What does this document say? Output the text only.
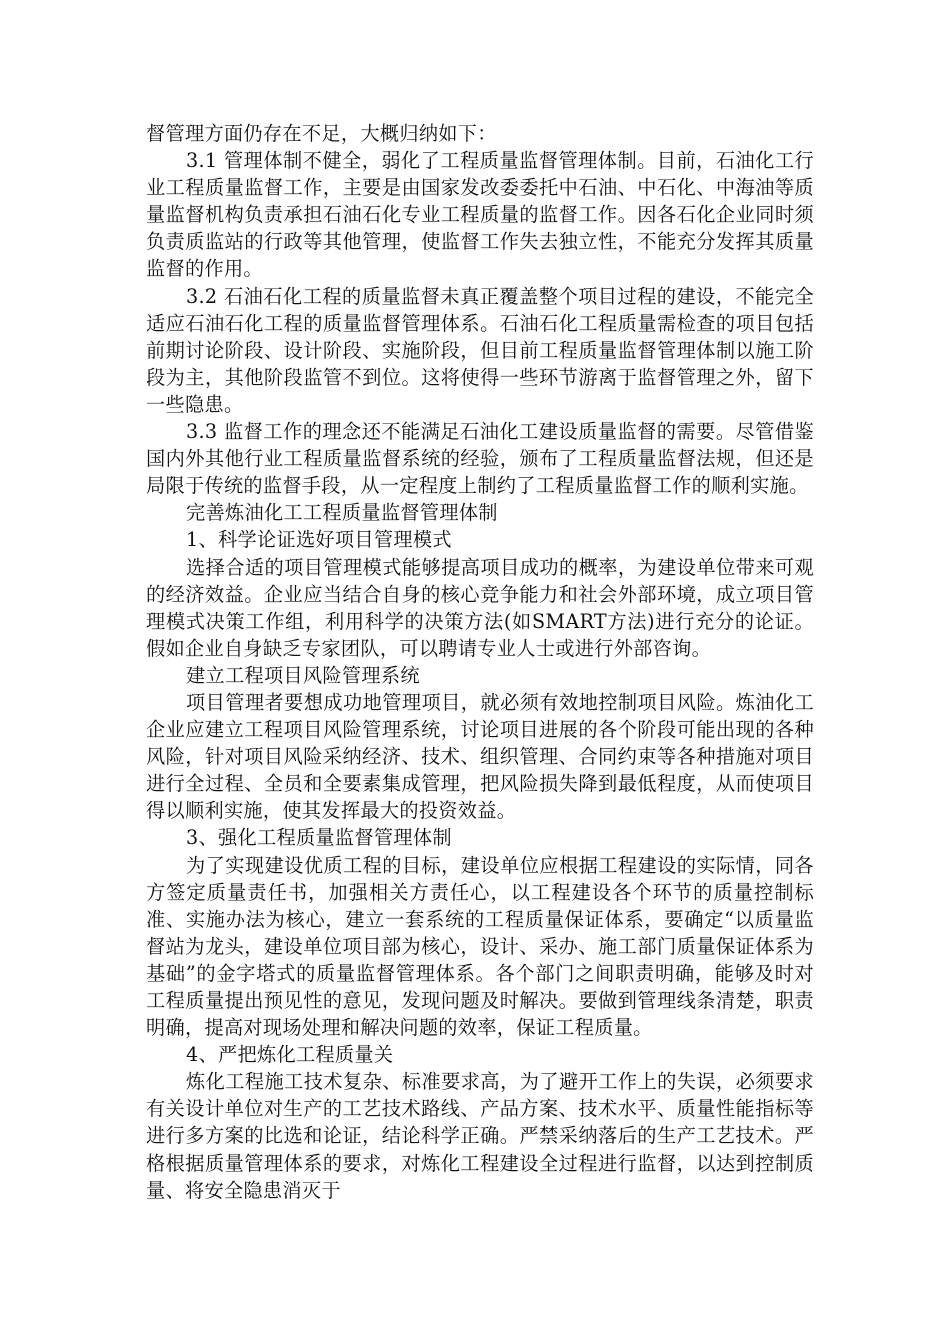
督管理方面仍存在不足，大概归纳如下：

3.1 管理体制不健全，弱化了工程质量监督管理体制。目前，石油化工行业工程质量监督工作，主要是由国家发改委委托中石油、中石化、中海油等质量监督机构负责承担石油石化专业工程质量的监督工作。因各石化企业同时须负责质监站的行政等其他管理，使监督工作失去独立性，不能充分发挥其质量监督的作用。

3.2 石油石化工程的质量监督未真正覆盖整个项目过程的建设，不能完全适应石油石化工程的质量监督管理体系。石油石化工程质量需检查的项目包括前期讨论阶段、设计阶段、实施阶段，但目前工程质量监督管理体制以施工阶段为主，其他阶段监管不到位。这将使得一些环节游离于监督管理之外，留下一些隐患。

3.3 监督工作的理念还不能满足石油化工建设质量监督的需要。尽管借鉴国内外其他行业工程质量监督系统的经验，颁布了工程质量监督法规，但还是局限于传统的监督手段，从一定程度上制约了工程质量监督工作的顺利实施。

完善炼油化工工程质量监督管理体制

1、科学论证选好项目管理模式

选择合适的项目管理模式能够提高项目成功的概率，为建设单位带来可观的经济效益。企业应当结合自身的核心竞争能力和社会外部环境，成立项目管理模式决策工作组，利用科学的决策方法(如SMART方法)进行充分的论证。假如企业自身缺乏专家团队，可以聘请专业人士或进行外部咨询。

建立工程项目风险管理系统

项目管理者要想成功地管理项目，就必须有效地控制项目风险。炼油化工企业应建立工程项目风险管理系统，讨论项目进展的各个阶段可能出现的各种风险，针对项目风险采纳经济、技术、组织管理、合同约束等各种措施对项目进行全过程、全员和全要素集成管理，把风险损失降到最低程度，从而使项目得以顺利实施，使其发挥最大的投资效益。

3、强化工程质量监督管理体制

为了实现建设优质工程的目标，建设单位应根据工程建设的实际情，同各方签定质量责任书，加强相关方责任心，以工程建设各个环节的质量控制标准、实施办法为核心，建立一套系统的工程质量保证体系，要确定“以质量监督站为龙头，建设单位项目部为核心，设计、采办、施工部门质量保证体系为基础”的金字塔式的质量监督管理体系。各个部门之间职责明确，能够及时对工程质量提出预见性的意见，发现问题及时解决。要做到管理线条清楚，职责明确，提高对现场处理和解决问题的效率，保证工程质量。

4、严把炼化工程质量关

炼化工程施工技术复杂、标准要求高，为了避开工作上的失误，必须要求有关设计单位对生产的工艺技术路线、产品方案、技术水平、质量性能指标等进行多方案的比选和论证，结论科学正确。严禁采纳落后的生产工艺技术。严格根据质量管理体系的要求，对炼化工程建设全过程进行监督，以达到控制质量、将安全隐患消灭于
